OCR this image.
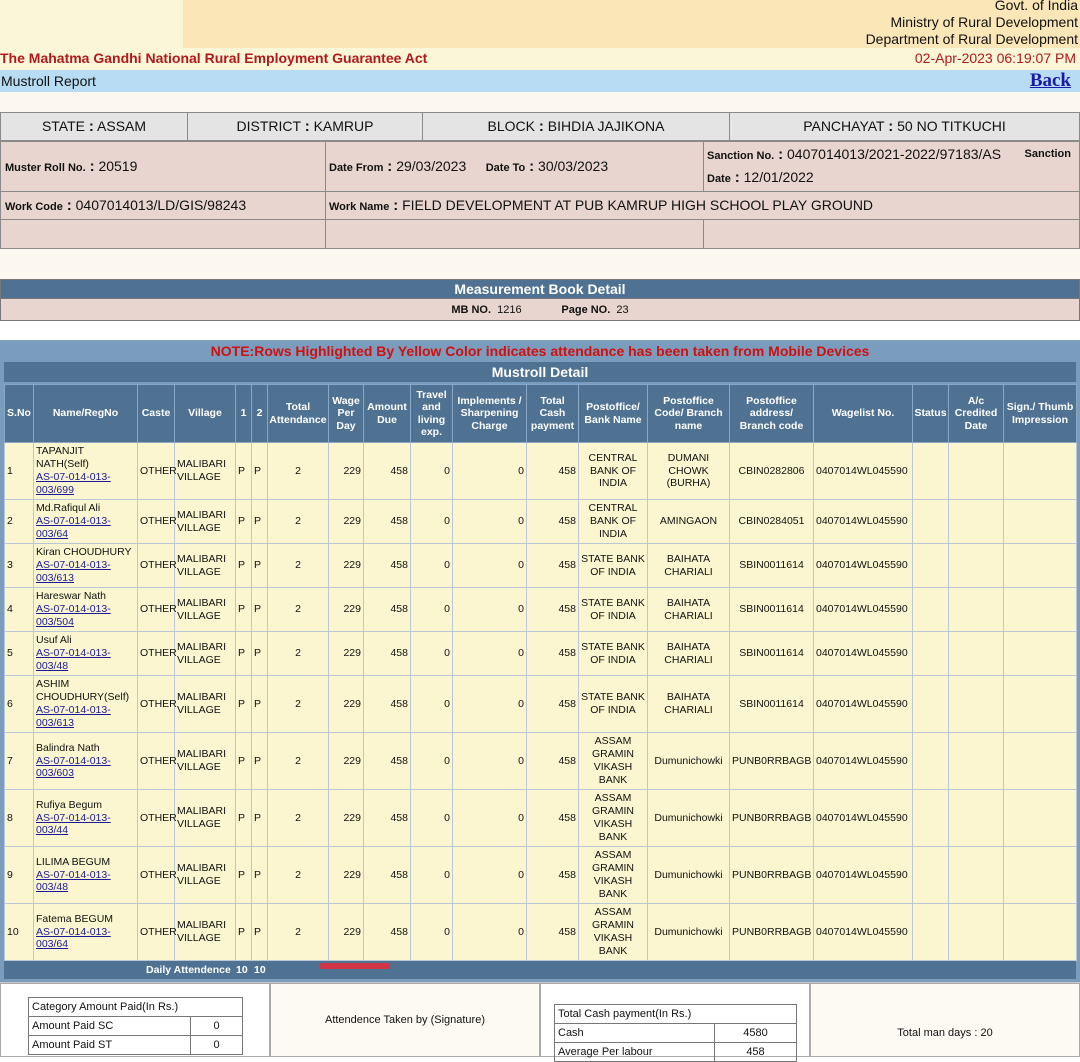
Govt. of India
Ministry of Rural Development
Department of Rural Development
The Mahatma Gandhi National Rural Employment Guarantee Act	02-Apr-2023 06:19:07 PM
Mustroll Report	Back
STATE : ASSAM	DISTRICT : KAMRUP	BLOCK : BIHDIA JAJIKONA	PANCHAYAT : 50 NO TITKUCHI
Muster Roll No. : 20519	Date From : 29/03/2023 Date To : 30/03/2023	Sanction No. : 0407014013/2021-2022/97183/AS Sanction
Date : 12/01/2022

Work Code : 0407014013/LD/GIS/98243	Work Name : FIELD DEVELOPMENT AT PUB KAMRUP HIGH SCHOOL PLAY GROUND	

Measurement Book Detail
MB NO. 1216	Page NO. 23
NOTE:Rows Highlighted By Yellow Color indicates attendance has been taken from Mobile Devices
Mustroll Detail
S.No	Name/RegNo	Caste	Village	1	2	Total Attendance	Wage Per Day	Amount Due	Travel and living exp.	Implements / Sharpening Charge	Total Cash payment	Postoffice/ Bank Name	Postoffice Code/ Branch name	Postoffice address/ Branch code	Wagelist No.	Status	A/c Credited Date	Sign./ Thumb Impression
1	TAPANJIT NATH(Self)
AS-07-014-013-003/699	OTHER	MALIBARI VILLAGE	P	P	2	229	458	0	0	458	CENTRAL BANK OF INDIA	DUMANI CHOWK (BURHA)	CBIN0282806	0407014WL045590			
2	Md.Rafiqul Ali
AS-07-014-013-003/64	OTHER	MALIBARI VILLAGE	P	P	2	229	458	0	0	458	CENTRAL BANK OF INDIA	AMINGAON	CBIN0284051	0407014WL045590			
3	Kiran CHOUDHURY
AS-07-014-013-003/613	OTHER	MALIBARI VILLAGE	P	P	2	229	458	0	0	458	STATE BANK OF INDIA	BAIHATA CHARIALI	SBIN0011614	0407014WL045590			
4	Hareswar Nath
AS-07-014-013-003/504	OTHER	MALIBARI VILLAGE	P	P	2	229	458	0	0	458	STATE BANK OF INDIA	BAIHATA CHARIALI	SBIN0011614	0407014WL045590			
5	Usuf Ali
AS-07-014-013-003/48	OTHER	MALIBARI VILLAGE	P	P	2	229	458	0	0	458	STATE BANK OF INDIA	BAIHATA CHARIALI	SBIN0011614	0407014WL045590			
6	ASHIM CHOUDHURY(Self)
AS-07-014-013-003/613	OTHER	MALIBARI VILLAGE	P	P	2	229	458	0	0	458	STATE BANK OF INDIA	BAIHATA CHARIALI	SBIN0011614	0407014WL045590			
7	Balindra Nath
AS-07-014-013-003/603	OTHER	MALIBARI VILLAGE	P	P	2	229	458	0	0	458	ASSAM GRAMIN VIKASH BANK	Dumunichowki	PUNB0RRBAGB	0407014WL045590			
8	Rufiya Begum
AS-07-014-013-003/44	OTHER	MALIBARI VILLAGE	P	P	2	229	458	0	0	458	ASSAM GRAMIN VIKASH BANK	Dumunichowki	PUNB0RRBAGB	0407014WL045590			
9	LILIMA BEGUM
AS-07-014-013-003/48	OTHER	MALIBARI VILLAGE	P	P	2	229	458	0	0	458	ASSAM GRAMIN VIKASH BANK	Dumunichowki	PUNB0RRBAGB	0407014WL045590			
10	Fatema BEGUM
AS-07-014-013-003/64	OTHER	MALIBARI VILLAGE	P	P	2	229	458	0	0	458	ASSAM GRAMIN VIKASH BANK	Dumunichowki	PUNB0RRBAGB	0407014WL045590			
Daily Attendence 10 10
Category Amount Paid(In Rs.)	
Amount Paid SC	0
Amount Paid ST	0
Attendence Taken by (Signature)	Total Cash payment(In Rs.)	
Cash	4580
Average Per labour	458
Total man days : 20
